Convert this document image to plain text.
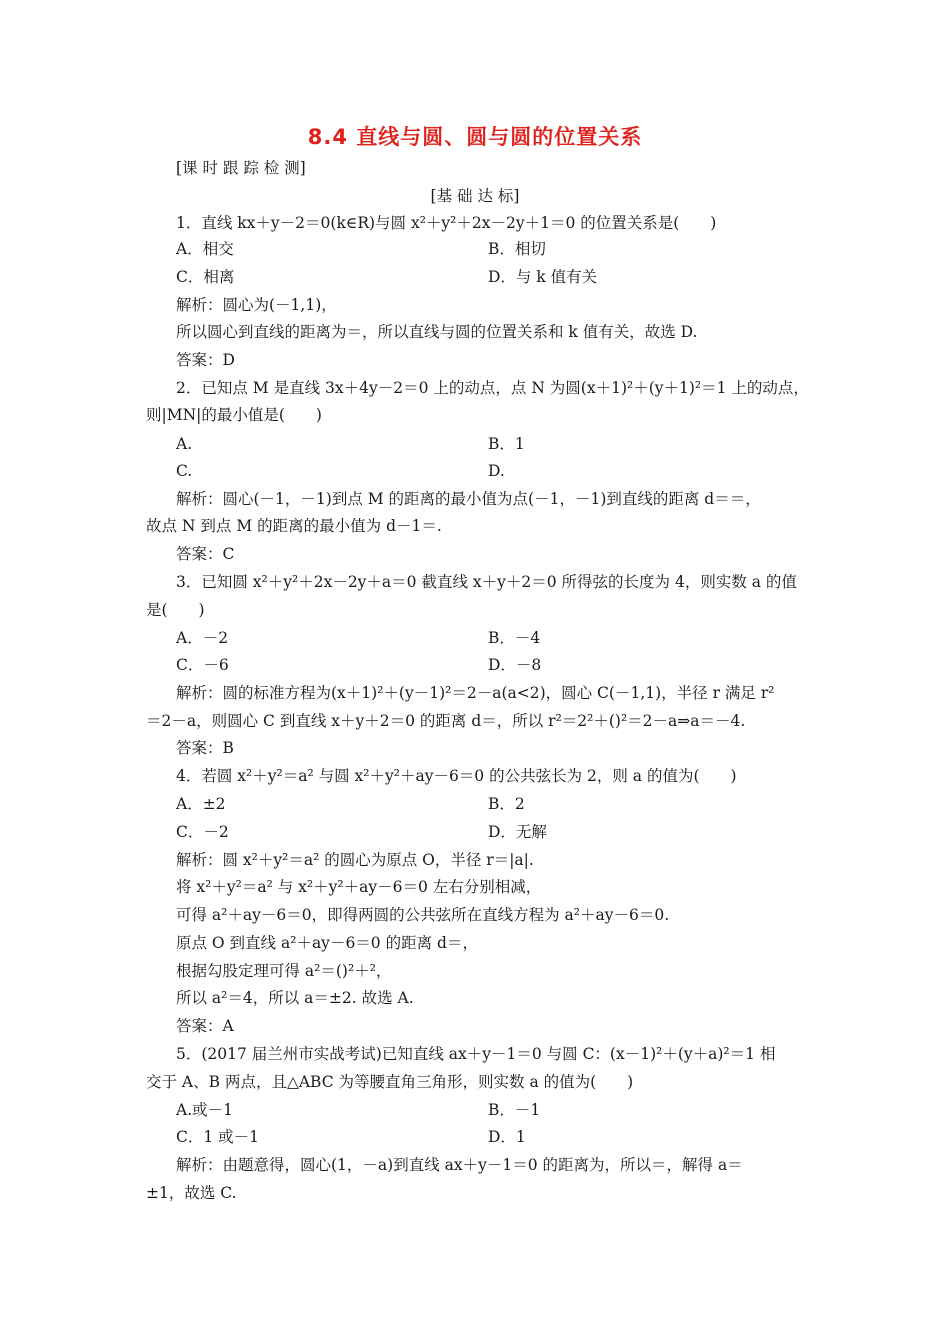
8.4 直线与圆、圆与圆的位置关系
[课 时 跟 踪 检 测]
[基 础 达 标]
1．直线 kx＋y－2＝0(k∈R)与圆 x²＋y²＋2x－2y＋1＝0 的位置关系是(　　)
A．相交	B．相切
C．相离	D．与 k 值有关
解析：圆心为(－1,1)，
所以圆心到直线的距离为＝，所以直线与圆的位置关系和 k 值有关，故选 D.
答案：D
2．已知点 M 是直线 3x＋4y－2＝0 上的动点，点 N 为圆(x＋1)²＋(y＋1)²＝1 上的动点，
则|MN|的最小值是(　　)
A.	B．1
C.	D.
解析：圆心(－1，－1)到点 M 的距离的最小值为点(－1，－1)到直线的距离 d＝＝，
故点 N 到点 M 的距离的最小值为 d－1＝.
答案：C
3．已知圆 x²＋y²＋2x－2y＋a＝0 截直线 x＋y＋2＝0 所得弦的长度为 4，则实数 a 的值
是(　　)
A．－2	B．－4
C．－6	D．－8
解析：圆的标准方程为(x＋1)²＋(y－1)²＝2－a(a<2)，圆心 C(－1,1)，半径 r 满足 r²
＝2－a，则圆心 C 到直线 x＋y＋2＝0 的距离 d＝，所以 r²＝2²＋()²＝2－a⇒a＝－4.
答案：B
4．若圆 x²＋y²＝a² 与圆 x²＋y²＋ay－6＝0 的公共弦长为 2，则 a 的值为(　　)
A．±2	B．2
C．－2	D．无解
解析：圆 x²＋y²＝a² 的圆心为原点 O，半径 r＝|a|.
将 x²＋y²＝a² 与 x²＋y²＋ay－6＝0 左右分别相减，
可得 a²＋ay－6＝0，即得两圆的公共弦所在直线方程为 a²＋ay－6＝0.
原点 O 到直线 a²＋ay－6＝0 的距离 d＝，
根据勾股定理可得 a²＝()²＋²，
所以 a²＝4，所以 a＝±2. 故选 A.
答案：A
5．(2017 届兰州市实战考试)已知直线 ax＋y－1＝0 与圆 C：(x－1)²＋(y＋a)²＝1 相
交于 A、B 两点，且△ABC 为等腰直角三角形，则实数 a 的值为(　　)
A.或－1	B．－1
C．1 或－1	D．1
解析：由题意得，圆心(1，－a)到直线 ax＋y－1＝0 的距离为，所以＝，解得 a＝
±1，故选 C.
